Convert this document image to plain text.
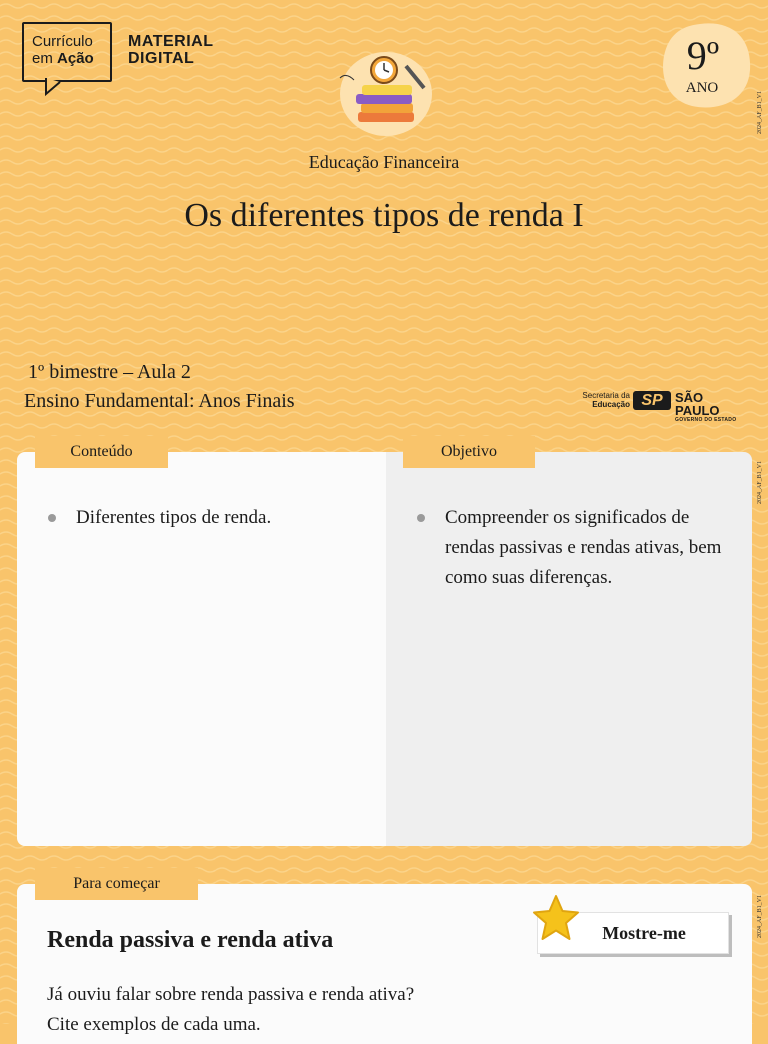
Currículo
em Ação
MATERIAL
DIGITAL	9º
ANO
2024_AF_B1_V1
2024_AF_B1_V1
2024_AF_B1_V1
Educação Financeira
Os diferentes tipos de renda I
1º bimestre – Aula 2
Ensino Fundamental: Anos Finais	Secretaria da
Educação SP SÃO PAULO
GOVERNO DO ESTADO
Conteúdo	Objetivo
Diferentes tipos de renda.	Compreender os significados de rendas passivas e rendas ativas, bem como suas diferenças.
Para começar
Renda passiva e renda ativa
Já ouviu falar sobre renda passiva e renda ativa?
Cite exemplos de cada uma.
Mostre-me
